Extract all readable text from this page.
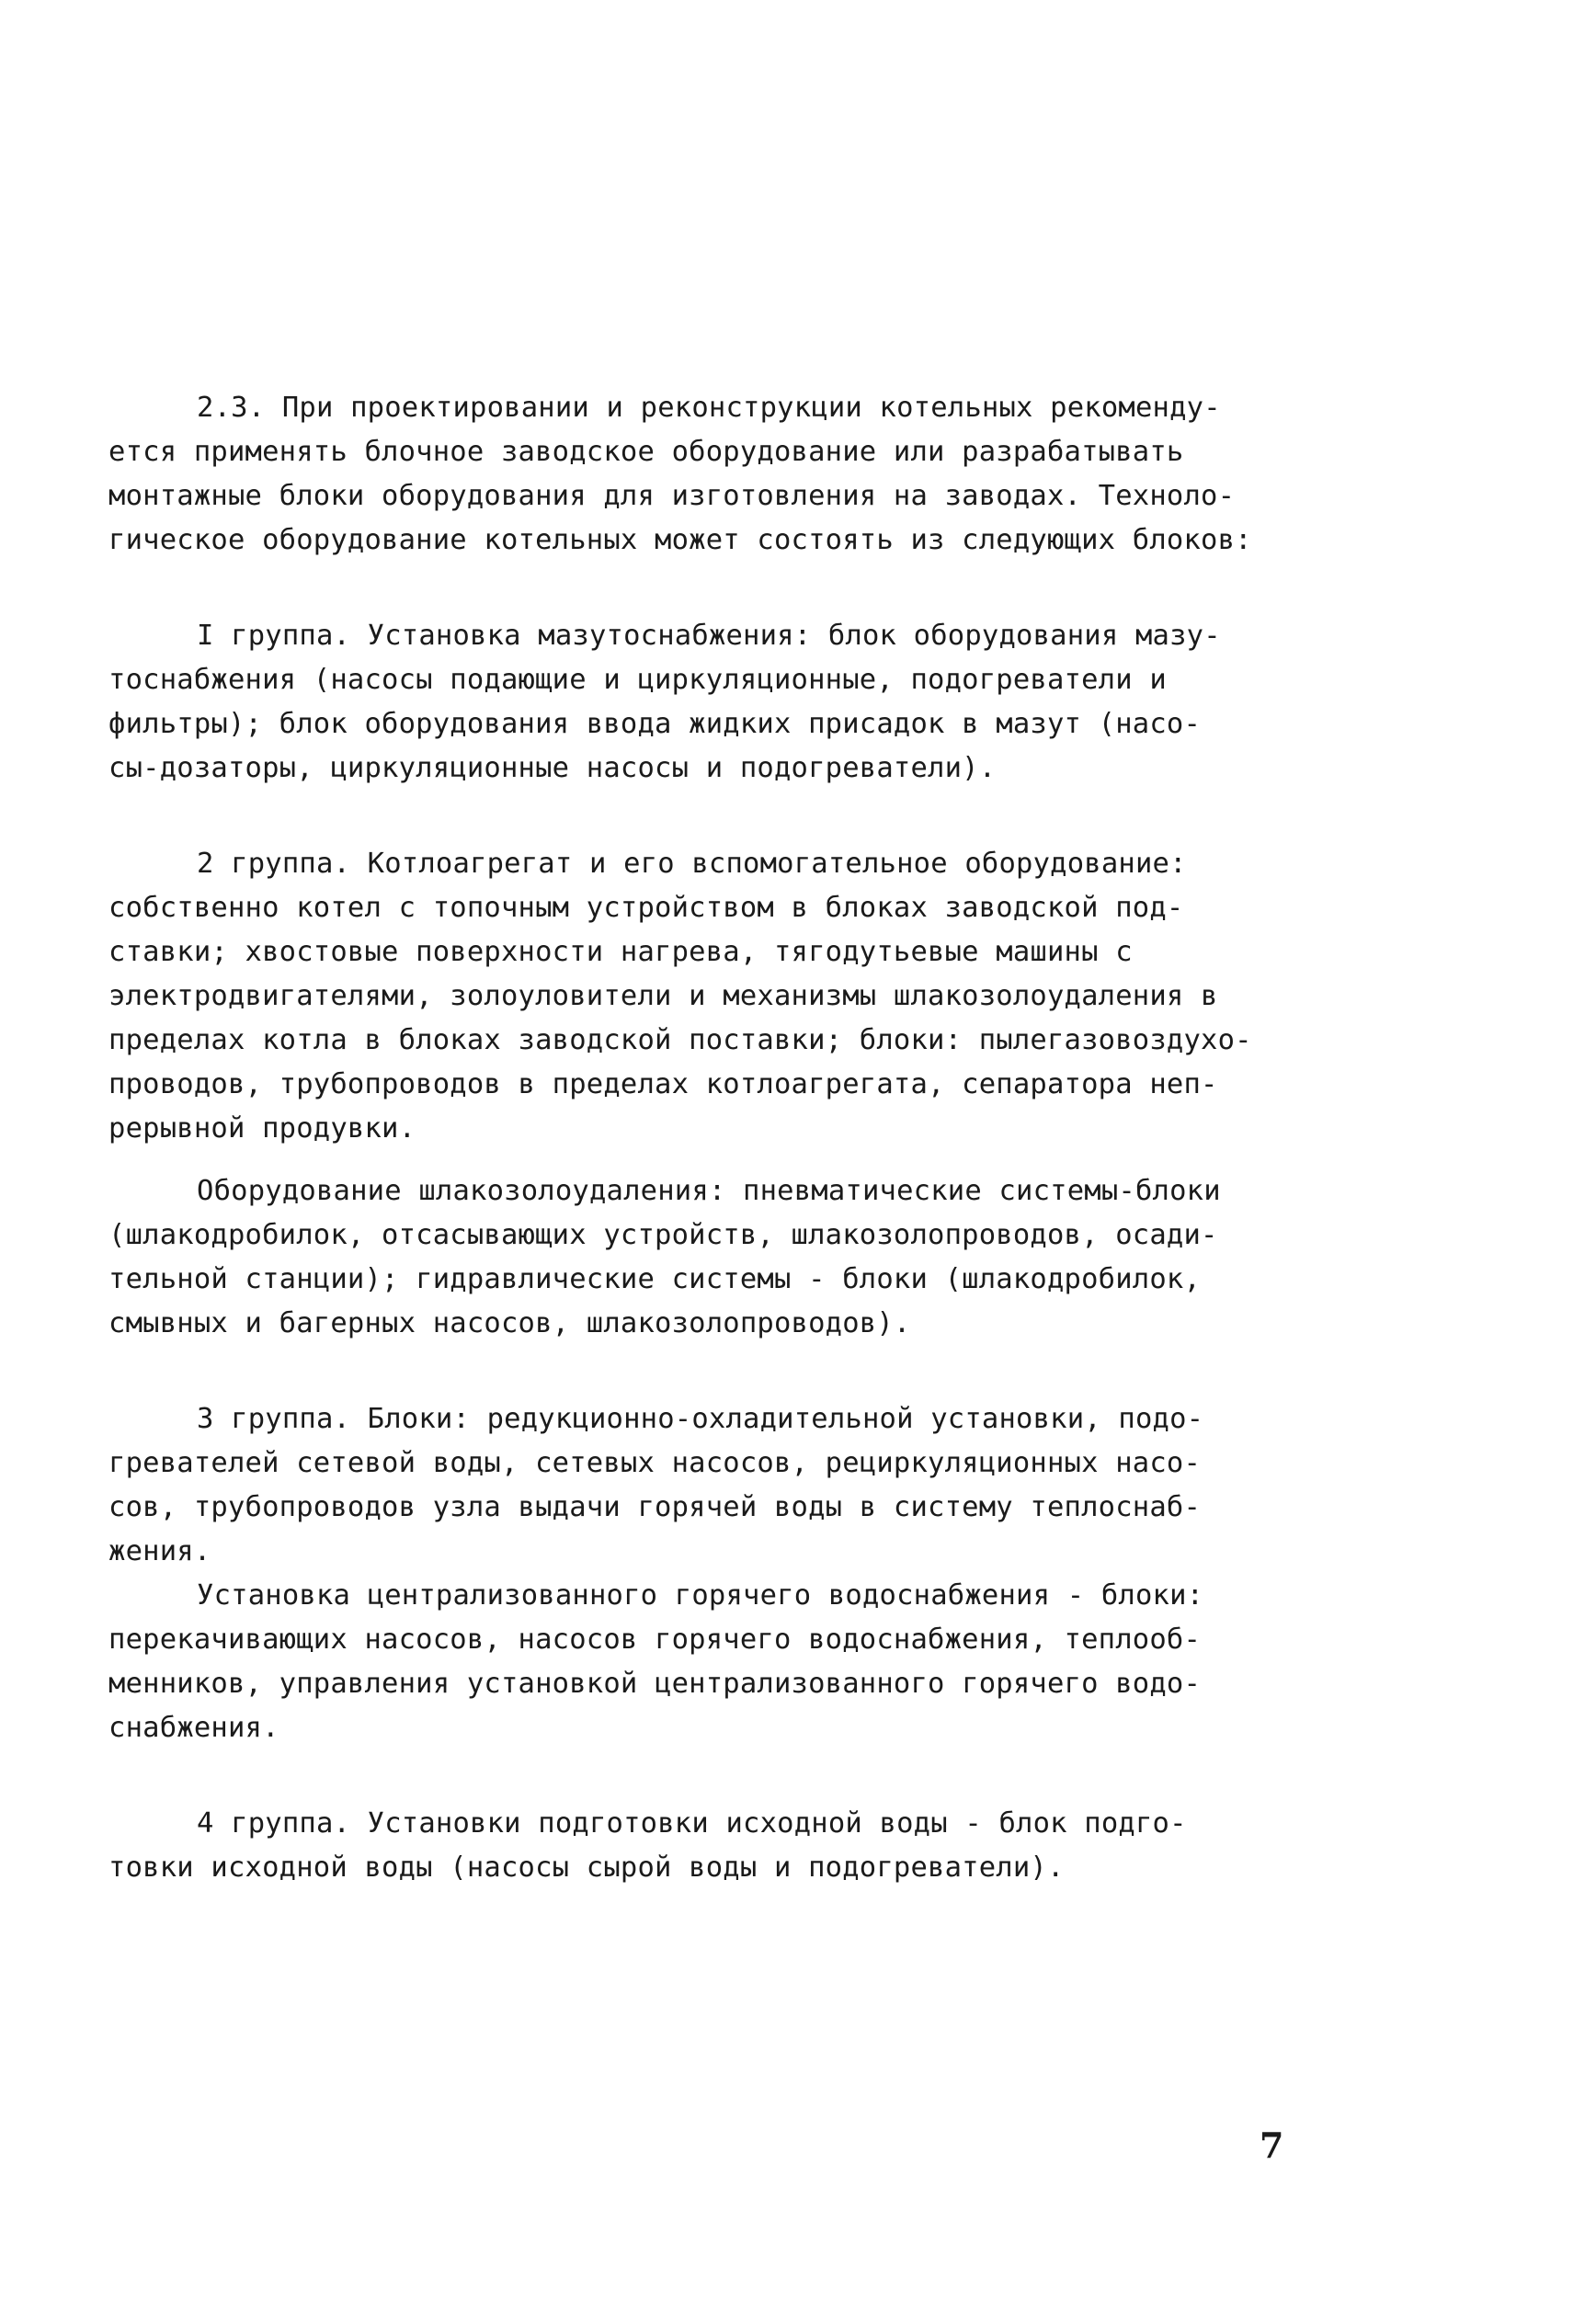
2.3. При проектировании и реконструкции котельных рекоменду-
ется применять блочное заводское оборудование или разрабатывать
монтажные блоки оборудования для изготовления на заводах. Техноло-
гическое оборудование котельных может состоять из следующих блоков:
I группа. Установка мазутоснабжения: блок оборудования мазу-
тоснабжения (насосы подающие и циркуляционные, подогреватели и
фильтры); блок оборудования ввода жидких присадок в мазут (насо-
сы-дозаторы, циркуляционные насосы и подогреватели).
2 группа. Котлоагрегат и его вспомогательное оборудование:
собственно котел с топочным устройством в блоках заводской под-
ставки; хвостовые поверхности нагрева, тягодутьевые машины с
электродвигателями, золоуловители и механизмы шлакозолоудаления в
пределах котла в блоках заводской поставки; блоки: пылегазовоздухо-
проводов, трубопроводов в пределах котлоагрегата, сепаратора неп-
рерывной продувки.
Оборудование шлакозолоудаления: пневматические системы-блоки
(шлакодробилок, отсасывающих устройств, шлакозолопроводов, осади-
тельной станции); гидравлические системы - блоки (шлакодробилок,
смывных и багерных насосов, шлакозолопроводов).
3 группа. Блоки: редукционно-охладительной установки, подо-
гревателей сетевой воды, сетевых насосов, рециркуляционных насо-
сов, трубопроводов узла выдачи горячей воды в систему теплоснаб-
жения.
Установка централизованного горячего водоснабжения - блоки:
перекачивающих насосов, насосов горячего водоснабжения, теплооб-
менников, управления установкой централизованного горячего водо-
снабжения.
4 группа. Установки подготовки исходной воды - блок подго-
товки исходной воды (насосы сырой воды и подогреватели).
7
